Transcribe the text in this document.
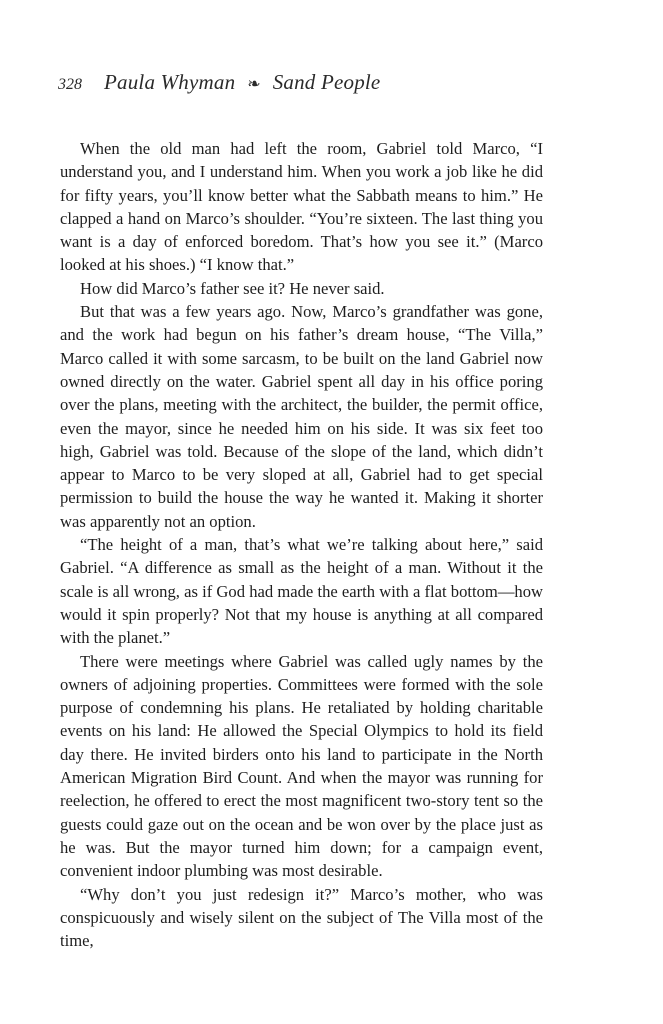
328 Paula Whyman ❧ Sand People

When the old man had left the room, Gabriel told Marco, “I understand you, and I understand him. When you work a job like he did for fifty years, you’ll know better what the Sabbath means to him.” He clapped a hand on Marco’s shoulder. “You’re sixteen. The last thing you want is a day of enforced boredom. That’s how you see it.” (Marco looked at his shoes.) “I know that.”

How did Marco’s father see it? He never said.

But that was a few years ago. Now, Marco’s grandfather was gone, and the work had begun on his father’s dream house, “The Villa,” Marco called it with some sarcasm, to be built on the land Gabriel now owned directly on the water. Gabriel spent all day in his office poring over the plans, meeting with the architect, the builder, the permit office, even the mayor, since he needed him on his side. It was six feet too high, Gabriel was told. Because of the slope of the land, which didn’t appear to Marco to be very sloped at all, Gabriel had to get special permission to build the house the way he wanted it. Making it shorter was apparently not an option.

“The height of a man, that’s what we’re talking about here,” said Gabriel. “A difference as small as the height of a man. Without it the scale is all wrong, as if God had made the earth with a flat bottom—how would it spin properly? Not that my house is anything at all compared with the planet.”

There were meetings where Gabriel was called ugly names by the owners of adjoining properties. Committees were formed with the sole purpose of condemning his plans. He retaliated by holding charitable events on his land: He allowed the Special Olympics to hold its field day there. He invited birders onto his land to participate in the North American Migration Bird Count. And when the mayor was running for reelection, he offered to erect the most magnificent two-story tent so the guests could gaze out on the ocean and be won over by the place just as he was. But the mayor turned him down; for a campaign event, convenient indoor plumbing was most desirable.

“Why don’t you just redesign it?” Marco’s mother, who was conspicuously and wisely silent on the subject of The Villa most of the time,
